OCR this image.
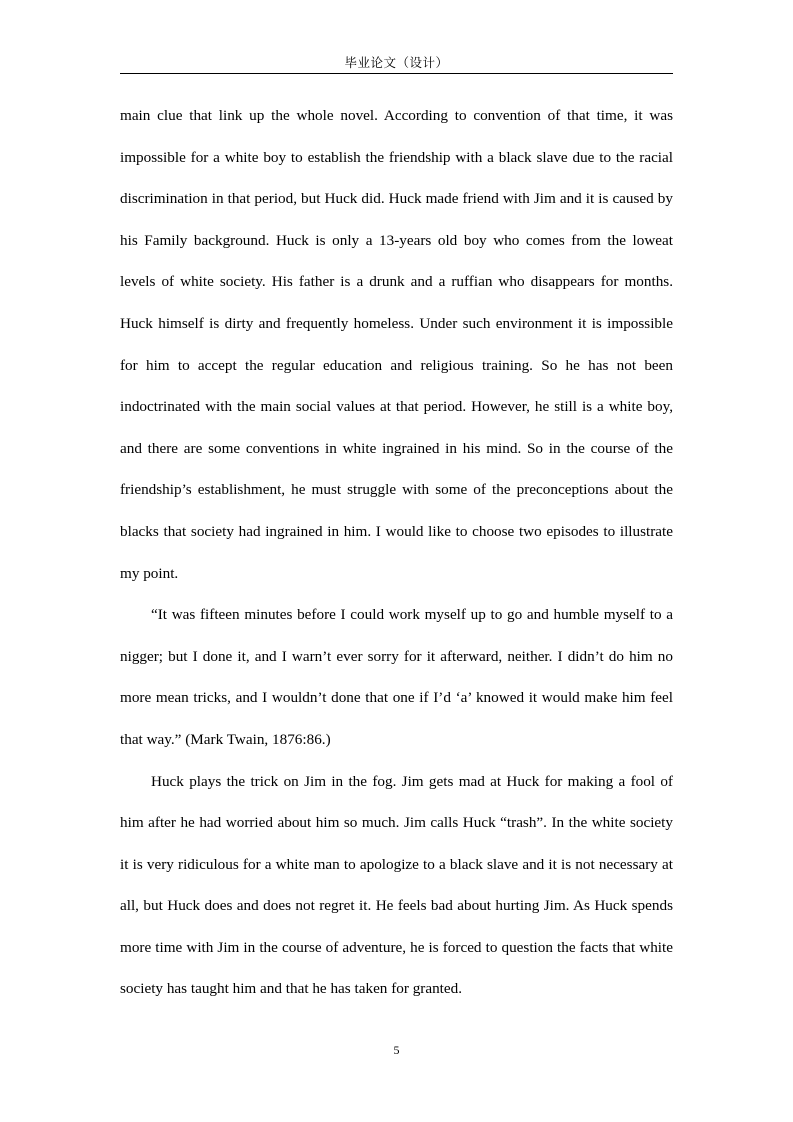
毕业论文（设计）

main clue that link up the whole novel. According to convention of that time, it was impossible for a white boy to establish the friendship with a black slave due to the racial discrimination in that period, but Huck did. Huck made friend with Jim and it is caused by his Family background. Huck is only a 13-years old boy who comes from the loweat levels of white society. His father is a drunk and a ruffian who disappears for months. Huck himself is dirty and frequently homeless. Under such environment it is impossible for him to accept the regular education and religious training. So he has not been indoctrinated with the main social values at that period. However, he still is a white boy, and there are some conventions in white ingrained in his mind. So in the course of the friendship’s establishment, he must struggle with some of the preconceptions about the blacks that society had ingrained in him. I would like to choose two episodes to illustrate my point.

“It was fifteen minutes before I could work myself up to go and humble myself to a nigger; but I done it, and I warn’t ever sorry for it afterward, neither. I didn’t do him no more mean tricks, and I wouldn’t done that one if I’d ‘a’ knowed it would make him feel that way.” (Mark Twain, 1876:86.)

Huck plays the trick on Jim in the fog. Jim gets mad at Huck for making a fool of him after he had worried about him so much. Jim calls Huck “trash”. In the white society it is very ridiculous for a white man to apologize to a black slave and it is not necessary at all, but Huck does and does not regret it. He feels bad about hurting Jim. As Huck spends more time with Jim in the course of adventure, he is forced to question the facts that white society has taught him and that he has taken for granted.

5
